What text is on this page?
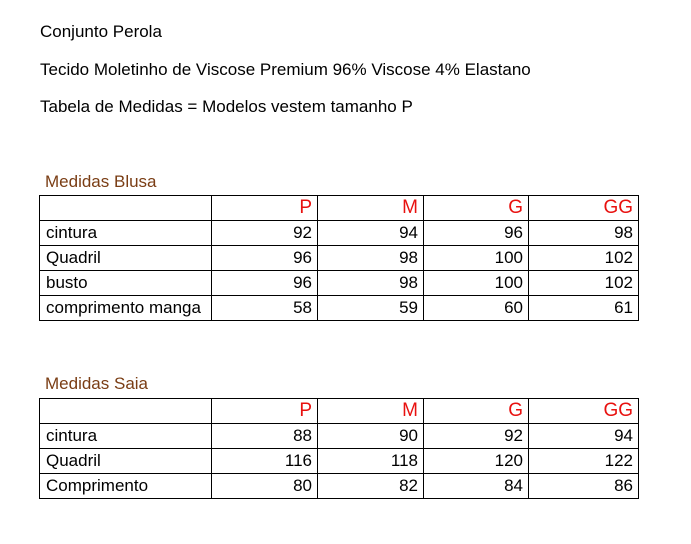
Conjunto Perola
Tecido Moletinho de Viscose Premium 96% Viscose 4% Elastano
Tabela de Medidas = Modelos vestem tamanho P
Medidas Blusa
	P	M	G	GG
cintura	92	94	96	98
Quadril	96	98	100	102
busto	96	98	100	102
comprimento manga	58	59	60	61
Medidas Saia
	P	M	G	GG
cintura	88	90	92	94
Quadril	116	118	120	122
Comprimento	80	82	84	86
